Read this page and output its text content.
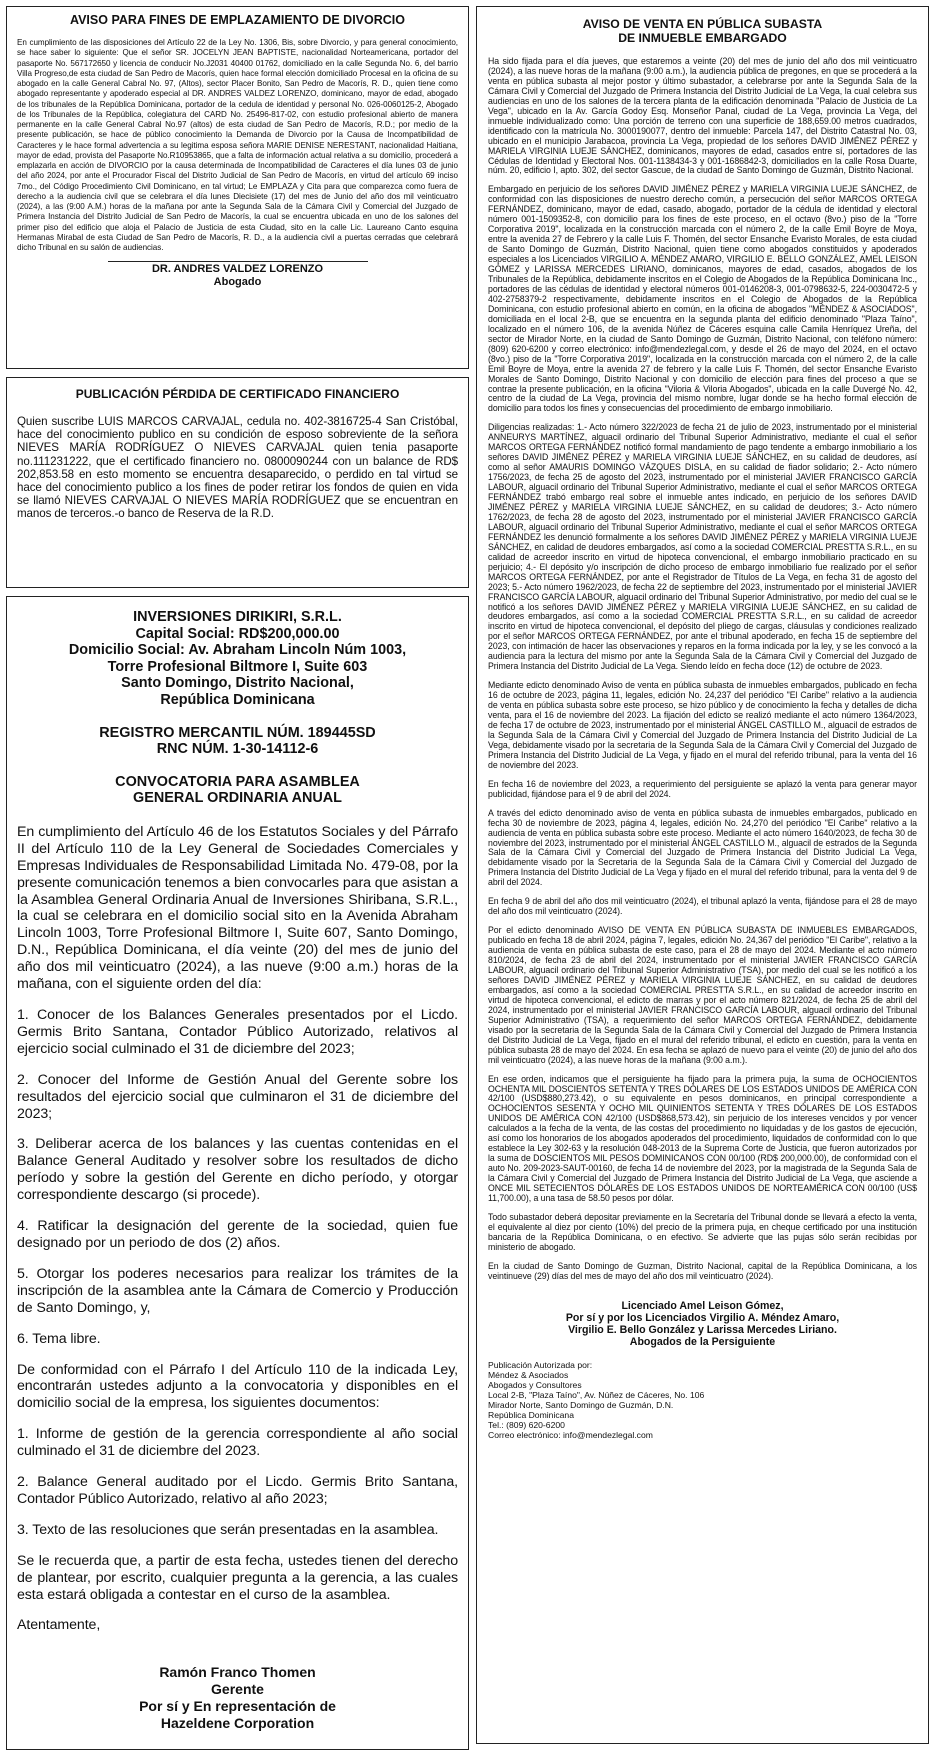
AVISO PARA FINES DE EMPLAZAMIENTO DE DIVORCIO

En cumplimiento de las disposiciones del Artículo 22 de la Ley No. 1306, Bis, sobre Divorcio, y para general conocimiento, se hace saber lo siguiente: Que el señor SR. JOCELYN JEAN BAPTISTE, nacionalidad Norteamericana, portador del pasaporte No. 567172650 y licencia de conducir No.J2031 40400 01762, domiciliado en la calle Segunda No. 6, del barrio Villa Progreso,de esta ciudad de San Pedro de Macorís, quien hace formal elección domiciliado Procesal en la oficina de su abogado en la calle General Cabral No. 97, (Altos), sector Placer Bonito, San Pedro de Macorís, R. D., quien tiene como abogado representante y apoderado especial al DR. ANDRES VALDEZ LORENZO, dominicano, mayor de edad, abogado de los tribunales de la República Dominicana, portador de la cedula de identidad y personal No. 026-0060125-2, Abogado de los Tribunales de la República, colegiatura del CARD No. 25496-817-02, con estudio profesional abierto de manera permanente en la calle General Cabral No.97 (altos) de esta ciudad de San Pedro de Macorís, R.D.; por medio de la presente publicación, se hace de público conocimiento la Demanda de Divorcio por la Causa de Incompatibilidad de Caracteres y le hace formal advertencia a su legitima esposa señora MARIE DENISE NERESTANT, nacionalidad Haitiana, mayor de edad, provista del Pasaporte No.R10953865, que a falta de información actual relativa a su domicilio, procederá a emplazarla en acción de DIVORCIO por la causa determinada de Incompatibilidad de Caracteres el día lunes 03 de junio del año 2024, por ante el Procurador Fiscal del Distrito Judicial de San Pedro de Macorís, en virtud del artículo 69 inciso 7mo., del Código Procedimiento Civil Dominicano, en tal virtud; Le EMPLAZA y Cita para que comparezca como fuera de derecho a la audiencia civil que se celebrara el día lunes Diecisiete (17) del mes de Junio del año dos mil veinticuatro (2024), a las (9:00 A.M.) horas de la mañana por ante la Segunda Sala de la Cámara Civil y Comercial del Juzgado de Primera Instancia del Distrito Judicial de San Pedro de Macorís, la cual se encuentra ubicada en uno de los salones del primer piso del edificio que aloja el Palacio de Justicia de esta Ciudad, sito en la calle Lic. Laureano Canto esquina Hermanas Mirabal de esta Ciudad de San Pedro de Macorís, R. D., a la audiencia civil a puertas cerradas que celebrará dicho Tribunal en su salón de audiencias.

DR. ANDRES VALDEZ LORENZO
Abogado
PUBLICACIÓN PÉRDIDA DE CERTIFICADO FINANCIERO

Quien suscribe LUIS MARCOS CARVAJAL, cedula no. 402-3816725-4 San Cristóbal, hace del conocimiento publico en su condición de esposo sobreviente de la señora NIEVES MARÍA RODRÍGUEZ O NIEVES CARVAJAL quien tenia pasaporte no.111231222, que el certificado financiero no. 0800090244 con un balance de RD$ 202,853.58 en esto momento se encuentra desaparecido, o perdido en tal virtud se hace del conocimiento publico a los fines de poder retirar los fondos de quien en vida se llamó NIEVES CARVAJAL O NIEVES MARÍA RODRÍGUEZ que se encuentran en manos de terceros.-o banco de Reserva de la R.D.

INVERSIONES DIRIKIRI, S.R.L.
Capital Social: RD$200,000.00
Domicilio Social: Av. Abraham Lincoln Núm 1003,
Torre Profesional Biltmore I, Suite 603
Santo Domingo, Distrito Nacional,
República Dominicana
REGISTRO MERCANTIL NÚM. 189445SD
RNC NÚM. 1-30-14112-6
CONVOCATORIA PARA ASAMBLEA
GENERAL ORDINARIA ANUAL

En cumplimiento del Artículo 46 de los Estatutos Sociales y del Párrafo II del Artículo 110 de la Ley General de Sociedades Comerciales y Empresas Individuales de Responsabilidad Limitada No. 479-08, por la presente comunicación tenemos a bien convocarles para que asistan a la Asamblea General Ordinaria Anual de Inversiones Shiribana, S.R.L., la cual se celebrara en el domicilio social sito en la Avenida Abraham Lincoln 1003, Torre Profesional Biltmore I, Suite 607, Santo Domingo, D.N., República Dominicana, el día veinte (20) del mes de junio del año dos mil veinticuatro (2024), a las nueve (9:00 a.m.) horas de la mañana, con el siguiente orden del día:

1. Conocer de los Balances Generales presentados por el Licdo. Germis Brito Santana, Contador Público Autorizado, relativos al ejercicio social culminado el 31 de diciembre del 2023;

2. Conocer del Informe de Gestión Anual del Gerente sobre los resultados del ejercicio social que culminaron el 31 de diciembre del 2023;

3. Deliberar acerca de los balances y las cuentas contenidas en el Balance General Auditado y resolver sobre los resultados de dicho período y sobre la gestión del Gerente en dicho período, y otorgar correspondiente descargo (si procede).

4. Ratificar la designación del gerente de la sociedad, quien fue designado por un periodo de dos (2) años.

5. Otorgar los poderes necesarios para realizar los trámites de la inscripción de la asamblea ante la Cámara de Comercio y Producción de Santo Domingo, y,

6. Tema libre.

De conformidad con el Párrafo I del Artículo 110 de la indicada Ley, encontrarán ustedes adjunto a la convocatoria y disponibles en el domicilio social de la empresa, los siguientes documentos:

1. Informe de gestión de la gerencia correspondiente al año social culminado el 31 de diciembre del 2023.

2. Balance General auditado por el Licdo. Germis Brito Santana, Contador Público Autorizado, relativo al año 2023;

3. Texto de las resoluciones que serán presentadas en la asamblea.

Se le recuerda que, a partir de esta fecha, ustedes tienen del derecho de plantear, por escrito, cualquier pregunta a la gerencia, a las cuales esta estará obligada a contestar en el curso de la asamblea.

Atentamente,

Ramón Franco Thomen
Gerente
Por sí y En representación de
Hazeldene Corporation
AVISO DE VENTA EN PÚBLICA SUBASTA
DE INMUEBLE EMBARGADO

Ha sido fijada para el día jueves, que estaremos a veinte (20) del mes de junio del año dos mil veinticuatro (2024), a las nueve horas de la mañana (9:00 a.m.), la audiencia pública de pregones, en que se procederá a la venta en pública subasta al mejor postor y último subastador, a celebrarse por ante la Segunda Sala de la Cámara Civil y Comercial del Juzgado de Primera Instancia del Distrito Judicial de La Vega, la cual celebra sus audiencias en uno de los salones de la tercera planta de la edificación denominada "Palacio de Justicia de La Vega", ubicado en la Av. García Godoy Esq. Monseñor Panal, ciudad de La Vega, provincia La Vega, del inmueble individualizado como: Una porción de terreno con una superficie de 188,659.00 metros cuadrados, identificado con la matrícula No. 3000190077, dentro del inmueble: Parcela 147, del Distrito Catastral No. 03, ubicado en el municipio Jarabacoa, provincia La Vega, propiedad de los señores DAVID JIMÉNEZ PÉREZ y MARIELA VIRGINIA LUEJE SÁNCHEZ, dominicanos, mayores de edad, casados entre sí, portadores de las Cédulas de Identidad y Electoral Nos. 001-1138434-3 y 001-1686842-3, domiciliados en la calle Rosa Duarte, núm. 20, edificio I, apto. 302, del sector Gascue, de la ciudad de Santo Domingo de Guzmán, Distrito Nacional.

Embargado en perjuicio de los señores DAVID JIMÉNEZ PÉREZ y MARIELA VIRGINIA LUEJE SÁNCHEZ, de conformidad con las disposiciones de nuestro derecho común, a persecución del señor MARCOS ORTEGA FERNÁNDEZ, dominicano, mayor de edad, casado, abogado, portador de la cédula de identidad y electoral número 001-1509352-8, con domicilio para los fines de este proceso, en el octavo (8vo.) piso de la "Torre Corporativa 2019", localizada en la construcción marcada con el número 2, de la calle Emil Boyre de Moya, entre la avenida 27 de Febrero y la calle Luis F. Thomén, del sector Ensanche Evaristo Morales, de esta ciudad de Santo Domingo de Guzmán, Distrito Nacional, quien tiene como abogados constituidos y apoderados especiales a los Licenciados VIRGILIO A. MÉNDEZ AMARO, VIRGILIO E. BELLO GONZÁLEZ, AMEL LEISON GÓMEZ y LARISSA MERCEDES LIRIANO, dominicanos, mayores de edad, casados, abogados de los Tribunales de la República, debidamente inscritos en el Colegio de Abogados de la República Dominicana Inc., portadores de las cédulas de identidad y electoral números 001-0146208-3, 001-0798632-5, 224-0030472-5 y 402-2758379-2 respectivamente, debidamente inscritos en el Colegio de Abogados de la República Dominicana, con estudio profesional abierto en común, en la oficina de abogados "MÉNDEZ & ASOCIADOS", domiciliada en el local 2-B, que se encuentra en la segunda planta del edificio denominado "Plaza Taíno", localizado en el número 106, de la avenida Núñez de Cáceres esquina calle Camila Henríquez Ureña, del sector de Mirador Norte, en la ciudad de Santo Domingo de Guzmán, Distrito Nacional, con teléfono número: (809) 620-6200 y correo electrónico: info@mendezlegal.com, y desde el 26 de mayo del 2024, en el octavo (8vo.) piso de la "Torre Corporativa 2019", localizada en la construcción marcada con el número 2, de la calle Emil Boyre de Moya, entre la avenida 27 de febrero y la calle Luis F. Thomén, del sector Ensanche Evaristo Morales de Santo Domingo, Distrito Nacional y con domicilio de elección para fines del proceso a que se contrae la presente publicación, en la oficina "Viloria & Viloria Abogados", ubicada en la calle Duvergé No. 42, centro de la ciudad de La Vega, provincia del mismo nombre, lugar donde se ha hecho formal elección de domicilio para todos los fines y consecuencias del procedimiento de embargo inmobiliario.

Diligencias realizadas: 1.- Acto número 322/2023 de fecha 21 de julio de 2023, instrumentado por el ministerial ANNEURYS MARTÍNEZ, alguacil ordinario del Tribunal Superior Administrativo, mediante el cual el señor MARCOS ORTEGA FERNÁNDEZ notificó formal mandamiento de pago tendente a embargo inmobiliario a los señores DAVID JIMÉNEZ PÉREZ y MARIELA VIRGINIA LUEJE SÁNCHEZ, en su calidad de deudores, así como al señor AMAURIS DOMINGO VÁZQUES DISLA, en su calidad de fiador solidario; 2.- Acto número 1756/2023, de fecha 25 de agosto del 2023, instrumentado por el ministerial JAVIER FRANCISCO GARCÍA LABOUR, alguacil ordinario del Tribunal Superior Administrativo, mediante el cual el señor MARCOS ORTEGA FERNÁNDEZ trabó embargo real sobre el inmueble antes indicado, en perjuicio de los señores DAVID JIMÉNEZ PÉREZ y MARIELA VIRGINIA LUEJE SÁNCHEZ, en su calidad de deudores; 3.- Acto número 1762/2023, de fecha 28 de agosto del 2023, instrumentado por el ministerial JAVIER FRANCISCO GARCÍA LABOUR, alguacil ordinario del Tribunal Superior Administrativo, mediante el cual el señor MARCOS ORTEGA FERNÁNDEZ les denunció formalmente a los señores DAVID JIMÉNEZ PÉREZ y MARIELA VIRGINIA LUEJE SÁNCHEZ, en calidad de deudores embargados, así como a la sociedad COMERCIAL PRESTTA S.R.L., en su calidad de acreedor inscrito en virtud de hipoteca convencional, el embargo inmobiliario practicado en su perjuicio; 4.- El depósito y/o inscripción de dicho proceso de embargo inmobiliario fue realizado por el señor MARCOS ORTEGA FERNÁNDEZ, por ante el Registrador de Títulos de La Vega, en fecha 31 de agosto del 2023; 5.- Acto número 1962/2023, de fecha 22 de septiembre del 2023, instrumentado por el ministerial JAVIER FRANCISCO GARCÍA LABOUR, alguacil ordinario del Tribunal Superior Administrativo, por medio del cual se le notificó a los señores DAVID JIMÉNEZ PÉREZ y MARIELA VIRGINIA LUEJE SÁNCHEZ, en su calidad de deudores embargados, así como a la sociedad COMERCIAL PRESTTA S.R.L., en su calidad de acreedor inscrito en virtud de hipoteca convencional, el depósito del pliego de cargas, cláusulas y condiciones realizado por el señor MARCOS ORTEGA FERNÁNDEZ, por ante el tribunal apoderado, en fecha 15 de septiembre del 2023, con intimación de hacer las observaciones y reparos en la forma indicada por la ley, y se les convocó a la audiencia para la lectura del mismo por ante la Segunda Sala de la Cámara Civil y Comercial del Juzgado de Primera Instancia del Distrito Judicial de La Vega. Siendo leído en fecha doce (12) de octubre de 2023.

Mediante edicto denominado Aviso de venta en pública subasta de inmuebles embargados, publicado en fecha 16 de octubre de 2023, página 11, legales, edición No. 24,237 del periódico "El Caribe" relativo a la audiencia de venta en pública subasta sobre este proceso, se hizo público y de conocimiento la fecha y detalles de dicha venta, para el 16 de noviembre del 2023. La fijación del edicto se realizó mediante el acto número 1364/2023, de fecha 17 de octubre de 2023, instrumentado por el ministerial ÁNGEL CASTILLO M., alguacil de estrados de la Segunda Sala de la Cámara Civil y Comercial del Juzgado de Primera Instancia del Distrito Judicial de La Vega, debidamente visado por la secretaria de la Segunda Sala de la Cámara Civil y Comercial del Juzgado de Primera Instancia del Distrito Judicial de La Vega, y fijado en el mural del referido tribunal, para la venta del 16 de noviembre del 2023.

En fecha 16 de noviembre del 2023, a requerimiento del persiguiente se aplazó la venta para generar mayor publicidad, fijándose para el 9 de abril del 2024.

A través del edicto denominado aviso de venta en pública subasta de inmuebles embargados, publicado en fecha 30 de noviembre de 2023, página 4, legales, edición No. 24,270 del periódico "El Caribe" relativo a la audiencia de venta en pública subasta sobre este proceso. Mediante el acto número 1640/2023, de fecha 30 de noviembre del 2023, instrumentado por el ministerial ÁNGEL CASTILLO M., alguacil de estrados de la Segunda Sala de la Cámara Civil y Comercial del Juzgado de Primera Instancia del Distrito Judicial La Vega, debidamente visado por la Secretaria de la Segunda Sala de la Cámara Civil y Comercial del Juzgado de Primera Instancia del Distrito Judicial de La Vega y fijado en el mural del referido tribunal, para la venta del 9 de abril del 2024.

En fecha 9 de abril del año dos mil veinticuatro (2024), el tribunal aplazó la venta, fijándose para el 28 de mayo del año dos mil veinticuatro (2024).

Por el edicto denominado AVISO DE VENTA EN PÚBLICA SUBASTA DE INMUEBLES EMBARGADOS, publicado en fecha 18 de abril 2024, página 7, legales, edición No. 24,367 del periódico "El Caribe", relativo a la audiencia de venta en pública subasta de este caso, para el 28 de mayo del 2024. Mediante el acto número 810/2024, de fecha 23 de abril del 2024, instrumentado por el ministerial JAVIER FRANCISCO GARCÍA LABOUR, alguacil ordinario del Tribunal Superior Administrativo (TSA), por medio del cual se les notificó a los señores DAVID JIMÉNEZ PÉREZ y MARIELA VIRGINIA LUEJE SÁNCHEZ, en su calidad de deudores embargados, así como a la sociedad COMERCIAL PRESTTA S.R.L., en su calidad de acreedor inscrito en virtud de hipoteca convencional, el edicto de marras y por el acto número 821/2024, de fecha 25 de abril del 2024, instrumentado por el ministerial JAVIER FRANCISCO GARCÍA LABOUR, alguacil ordinario del Tribunal Superior Administrativo (TSA), a requerimiento del señor MARCOS ORTEGA FERNÁNDEZ, debidamente visado por la secretaria de la Segunda Sala de la Cámara Civil y Comercial del Juzgado de Primera Instancia del Distrito Judicial de La Vega, fijado en el mural del referido tribunal, el edicto en cuestión, para la venta en pública subasta 28 de mayo del 2024. En esa fecha se aplazó de nuevo para el veinte (20) de junio del año dos mil veinticuatro (2024), a las nueve horas de la mañana (9:00 a.m.).

En ese orden, indicamos que el persiguiente ha fijado para la primera puja, la suma de OCHOCIENTOS OCHENTA MIL DOSCIENTOS SETENTA Y TRES DÓLARES DE LOS ESTADOS UNIDOS DE AMÉRICA CON 42/100 (USD$880,273.42), o su equivalente en pesos dominicanos, en principal correspondiente a OCHOCIENTOS SESENTA Y OCHO MIL QUINIENTOS SETENTA Y TRES DÓLARES DE LOS ESTADOS UNIDOS DE AMÉRICA CON 42/100 (USD$868,573.42), sin perjuicio de los intereses vencidos y por vencer calculados a la fecha de la venta, de las costas del procedimiento no liquidadas y de los gastos de ejecución, así como los honorarios de los abogados apoderados del procedimiento, liquidados de conformidad con lo que establece la Ley 302-63 y la resolución 048-2013 de la Suprema Corte de Justicia, que fueron autorizados por la suma de DOSCIENTOS MIL PESOS DOMINICANOS CON 00/100 (RD$ 200,000.00), de conformidad con el auto No. 209-2023-SAUT-00160, de fecha 14 de noviembre del 2023, por la magistrada de la Segunda Sala de la Cámara Civil y Comercial del Juzgado de Primera Instancia del Distrito Judicial de La Vega, que asciende a ONCE MIL SETECIENTOS DÓLARES DE LOS ESTADOS UNIDOS DE NORTEAMÉRICA CON 00/100 (US$ 11,700.00), a una tasa de 58.50 pesos por dólar.

Todo subastador deberá depositar previamente en la Secretaría del Tribunal donde se llevará a efecto la venta, el equivalente al diez por ciento (10%) del precio de la primera puja, en cheque certificado por una institución bancaria de la República Dominicana, o en efectivo. Se advierte que las pujas sólo serán recibidas por ministerio de abogado.

En la ciudad de Santo Domingo de Guzman, Distrito Nacional, capital de la República Dominicana, a los veintinueve (29) días del mes de mayo del año dos mil veinticuatro (2024).

Licenciado Amel Leison Gómez,
Por sí y por los Licenciados Virgilio A. Méndez Amaro,
Virgilio E. Bello González y Larissa Mercedes Liriano.
Abogados de la Persiguiente
Publicación Autorizada por:
Méndez & Asociados
Abogados y Consultores
Local 2-B, "Plaza Taíno", Av. Núñez de Cáceres, No. 106
Mirador Norte, Santo Domingo de Guzmán, D.N.
República Dominicana
Tel.: (809) 620-6200
Correo electrónico: info@mendezlegal.com
